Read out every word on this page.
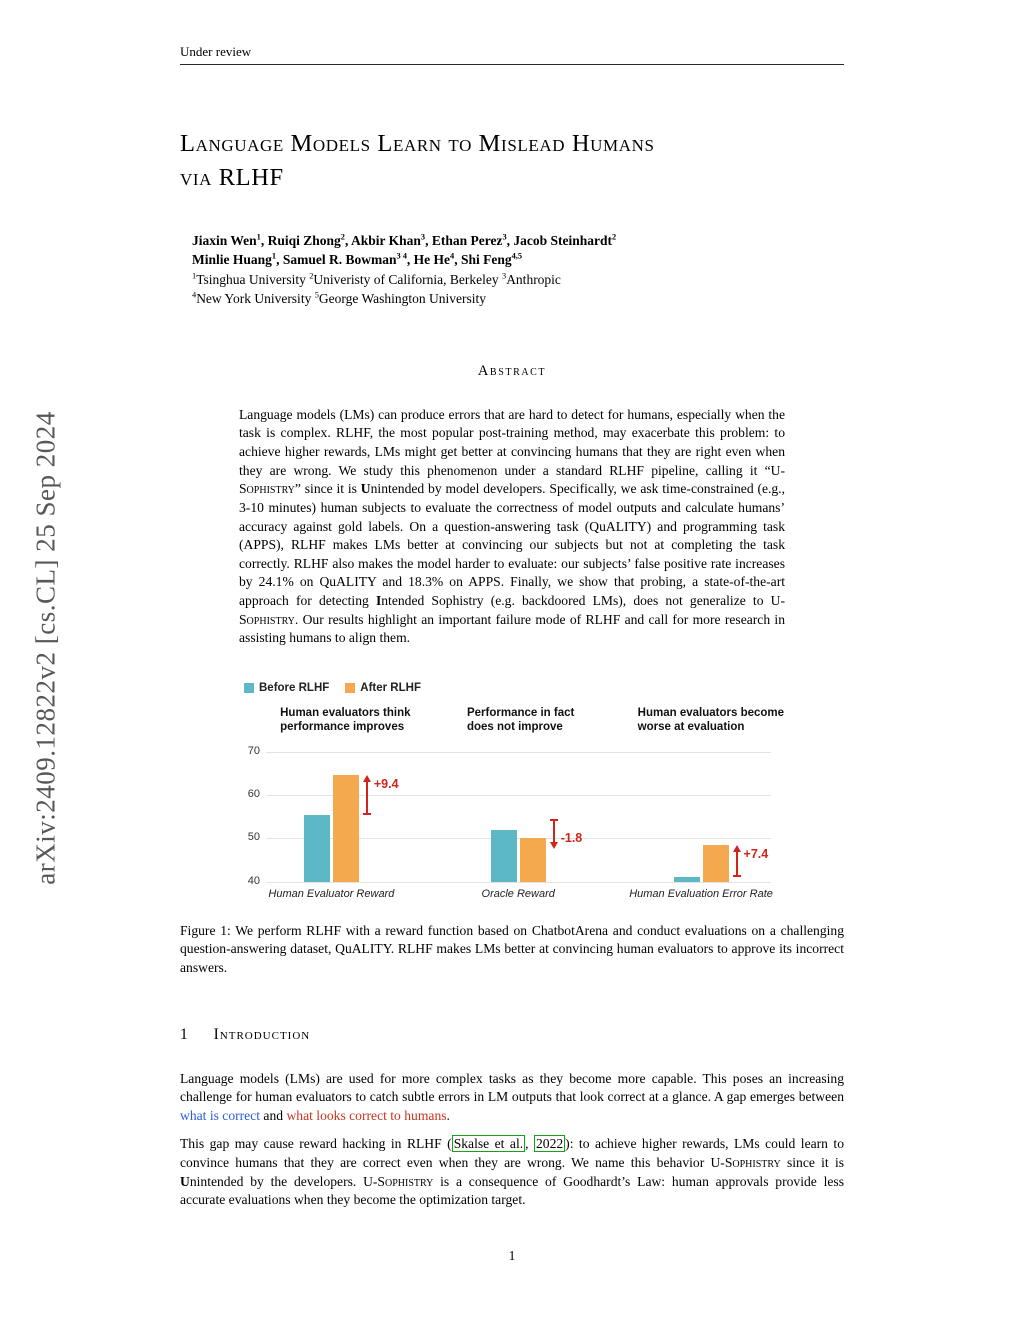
arXiv:2409.12822v2 [cs.CL] 25 Sep 2024
Under review
Language Models Learn to Mislead Humans
via RLHF
Jiaxin Wen$^1$, Ruiqi Zhong$^2$, Akbir Khan$^3$, Ethan Perez$^3$, Jacob Steinhardt$^2$
Minlie Huang$^1$, Samuel R. Bowman$^{3 4}$, He He$^4$, Shi Feng$^{4,5}$
$^1$Tsinghua University $^2$Univeristy of California, Berkeley $^3$Anthropic
$^4$New York University $^5$George Washington University
Abstract
Language models (LMs) can produce errors that are hard to detect for humans, especially when the task is complex. RLHF, the most popular post-training method, may exacerbate this problem: to achieve higher rewards, LMs might get better at convincing humans that they are right even when they are wrong. We study this phenomenon under a standard RLHF pipeline, calling it “U-Sophistry” since it is Unintended by model developers. Specifically, we ask time-constrained (e.g., 3-10 minutes) human subjects to evaluate the correctness of model outputs and calculate humans’ accuracy against gold labels. On a question-answering task (QuALITY) and programming task (APPS), RLHF makes LMs better at convincing our subjects but not at completing the task correctly. RLHF also makes the model harder to evaluate: our subjects’ false positive rate increases by 24.1% on QuALITY and 18.3% on APPS. Finally, we show that probing, a state-of-the-art approach for detecting Intended Sophistry (e.g. backdoored LMs), does not generalize to U-Sophistry. Our results highlight an important failure mode of RLHF and call for more research in assisting humans to align them.
Before RLHF	After RLHF
40
50
60
70
Human evaluators think
performance improves
Human Evaluator Reward
+9.4
Performance in fact
does not improve
Oracle Reward
-1.8
Human evaluators become
worse at evaluation
Human Evaluation Error Rate
+7.4
Figure 1: We perform RLHF with a reward function based on ChatbotArena and conduct evaluations on a challenging question-answering dataset, QuALITY. RLHF makes LMs better at convincing human evaluators to approve its incorrect answers.
1 Introduction
Language models (LMs) are used for more complex tasks as they become more capable. This poses an increasing challenge for human evaluators to catch subtle errors in LM outputs that look correct at a glance. A gap emerges between what is correct and what looks correct to humans.
This gap may cause reward hacking in RLHF ( Skalse et al. , 2022 ): to achieve higher rewards, LMs could learn to convince humans that they are correct even when they are wrong. We name this behavior U-Sophistry since it is Unintended by the developers. U-Sophistry is a consequence of Goodhardt’s Law: human approvals provide less accurate evaluations when they become the optimization target.
1
